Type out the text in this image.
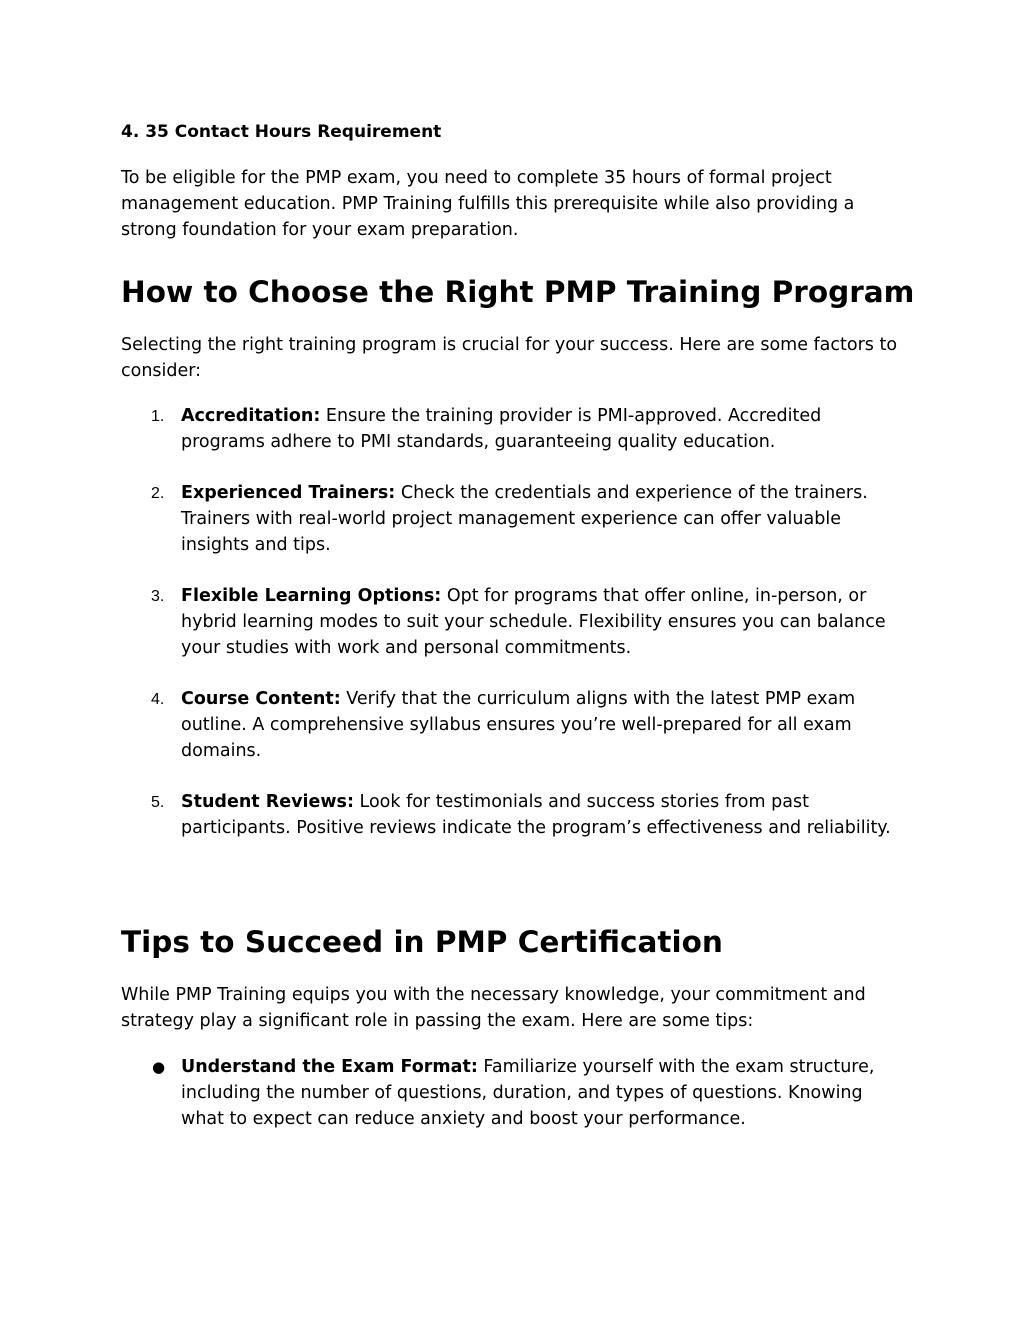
4. 35 Contact Hours Requirement

To be eligible for the PMP exam, you need to complete 35 hours of formal project management education. PMP Training fulfills this prerequisite while also providing a strong foundation for your exam preparation.

How to Choose the Right PMP Training Program

Selecting the right training program is crucial for your success. Here are some factors to consider:

1. Accreditation: Ensure the training provider is PMI-approved. Accredited programs adhere to PMI standards, guaranteeing quality education.
2. Experienced Trainers: Check the credentials and experience of the trainers. Trainers with real-world project management experience can offer valuable insights and tips.
3. Flexible Learning Options: Opt for programs that offer online, in-person, or hybrid learning modes to suit your schedule. Flexibility ensures you can balance your studies with work and personal commitments.
4. Course Content: Verify that the curriculum aligns with the latest PMP exam outline. A comprehensive syllabus ensures you’re well-prepared for all exam domains.
5. Student Reviews: Look for testimonials and success stories from past participants. Positive reviews indicate the program’s effectiveness and reliability.
Tips to Succeed in PMP Certification

While PMP Training equips you with the necessary knowledge, your commitment and strategy play a significant role in passing the exam. Here are some tips:

● Understand the Exam Format: Familiarize yourself with the exam structure, including the number of questions, duration, and types of questions. Knowing what to expect can reduce anxiety and boost your performance.
